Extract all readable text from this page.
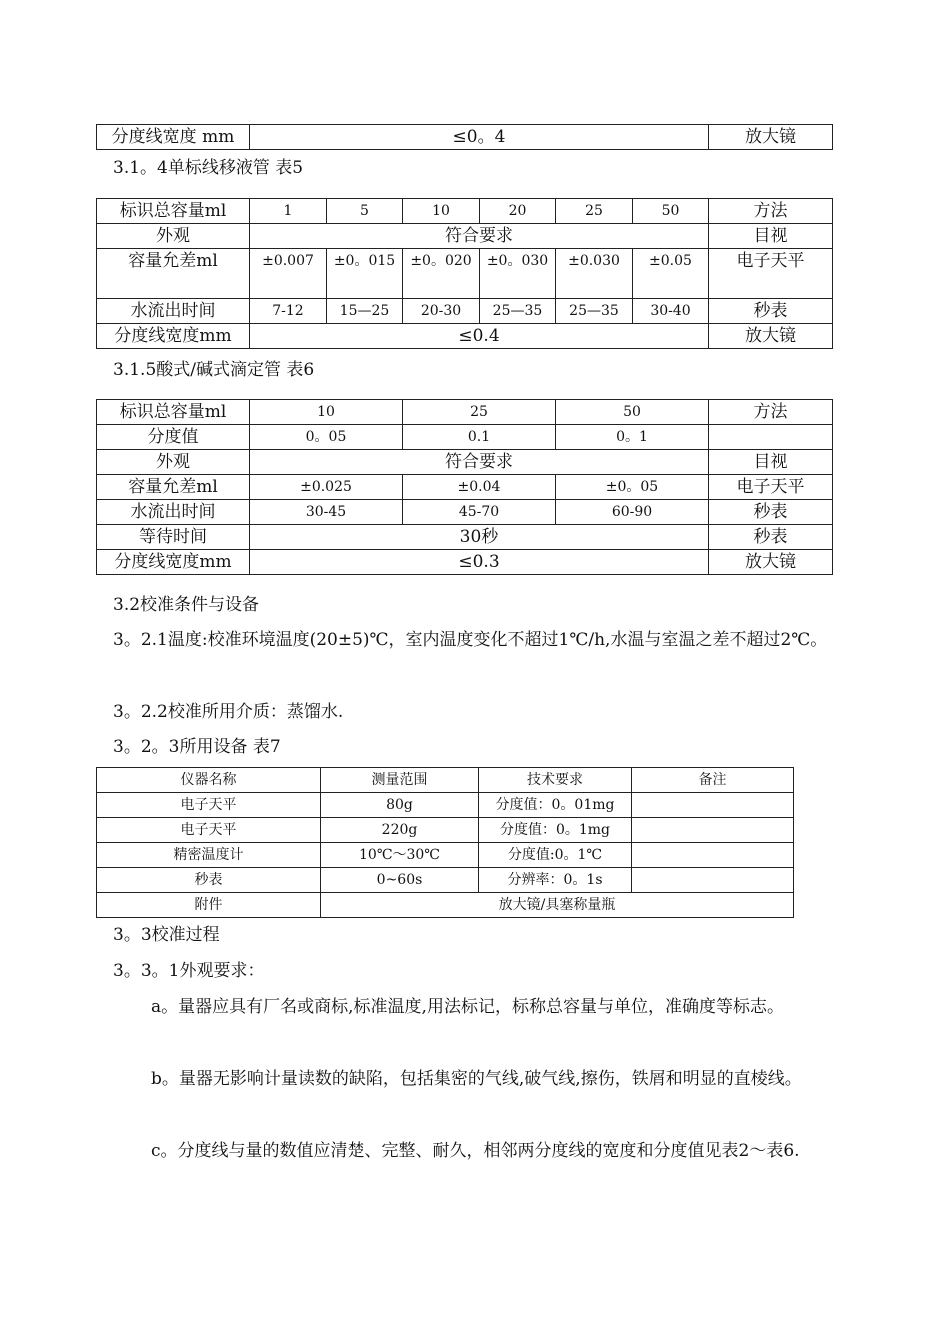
分度线宽度 mm	≤0。4	放大镜
3.1。4单标线移液管 表5
标识总容量ml	1	5	10	20	25	50	方法
外观	符合要求						目视
容量允差ml	±0.007	±0。015	±0。020	±0。030	±0.030	±0.05	电子天平
水流出时间	7-12	15—25	20-30	25—35	25—35	30-40	秒表
分度线宽度mm	≤0.4						放大镜
3.1.5酸式/碱式滴定管 表6
标识总容量ml	10	25	50	方法
分度值	0。05	0.1	0。1	
外观	符合要求			目视
容量允差ml	±0.025	±0.04	±0。05	电子天平
水流出时间	30-45	45-70	60-90	秒表
等待时间	30秒			秒表
分度线宽度mm	≤0.3			放大镜
3.2校准条件与设备
3。2.1温度:校准环境温度(20±5)℃，室内温度变化不超过1℃/h,水温与室温之差不超过2℃。
3。2.2校准所用介质：蒸馏水.
3。2。3所用设备 表7
仪器名称	测量范围	技术要求	备注
电子天平	80g	分度值：0。01mg	
电子天平	220g	分度值：0。1mg	
精密温度计	10℃～30℃	分度值:0。1℃	
秒表	0~60s	分辨率：0。1s	
附件	放大镜/具塞称量瓶		
3。3校准过程
3。3。1外观要求：
a。量器应具有厂名或商标,标准温度,用法标记，标称总容量与单位，准确度等标志。
b。量器无影响计量读数的缺陷，包括集密的气线,破气线,擦伤，铁屑和明显的直棱线。
c。分度线与量的数值应清楚、完整、耐久，相邻两分度线的宽度和分度值见表2～表6.
